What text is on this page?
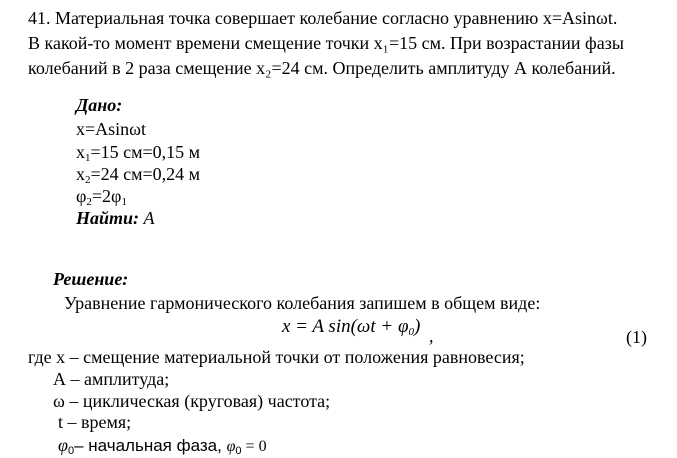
41. Материальная точка совершает колебание согласно уравнению x=Asinωt.
В какой-то момент времени смещение точки x₁=15 см. При возрастании фазы
колебаний в 2 раза смещение x₂=24 см. Определить амплитуду А колебаний.
Дано:
x=Asinωt
$x_1=15$ см=0,15 м
$x_2=24$ см=0,24 м
$\varphi_2=2\varphi_1$
Найти: А
Решение:
Уравнение гармонического колебания запишем в общем виде:
x = A $\sin(\omega t + \varphi_0)$ ,	(1)
где x – смещение материальной точки от положения равновесия;
А – амплитуда;
ω – циклическая (круговая) частота;
t – время;
$\varphi_0-$ начальная фаза, $\varphi_0 = 0$
